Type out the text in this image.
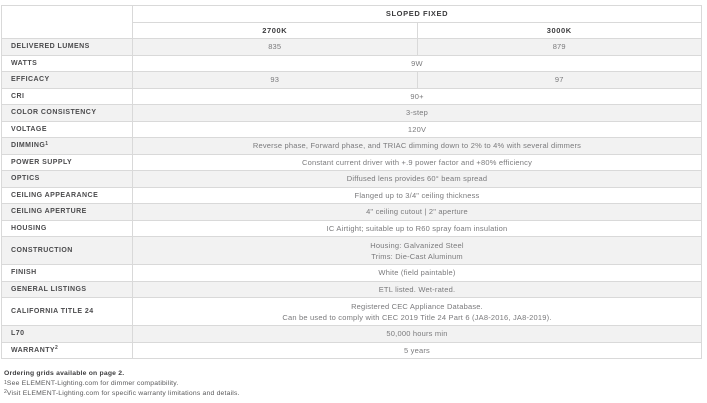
	SLOPED FIXED	
	2700K	3000K
DELIVERED LUMENS	835	879
WATTS	9W	
EFFICACY	93	97
CRI	90+	
COLOR CONSISTENCY	3-step	
VOLTAGE	120V	
DIMMING$^1$	Reverse phase, Forward phase, and TRIAC dimming down to 2% to 4% with several dimmers	
POWER SUPPLY	Constant current driver with +.9 power factor and +80% efficiency	
OPTICS	Diffused lens provides 60° beam spread	
CEILING APPEARANCE	Flanged up to 3/4" ceiling thickness	
CEILING APERTURE	4" ceiling cutout | 2" aperture	
HOUSING	IC Airtight; suitable up to R60 spray foam insulation	
CONSTRUCTION	Housing: Galvanized Steel
Trims: Die-Cast Aluminum	

FINISH	White (field paintable)	
GENERAL LISTINGS	ETL listed. Wet-rated.	
CALIFORNIA TITLE 24	Registered CEC Appliance Database.
Can be used to comply with CEC 2019 Title 24 Part 6 (JA8-2016, JA8-2019).	

L70	50,000 hours min	
WARRANTY$^2$	5 years	
Ordering grids available on page 2.
$^1$See ELEMENT-Lighting.com for dimmer compatibility.
$^2$Visit ELEMENT-Lighting.com for specific warranty limitations and details.
